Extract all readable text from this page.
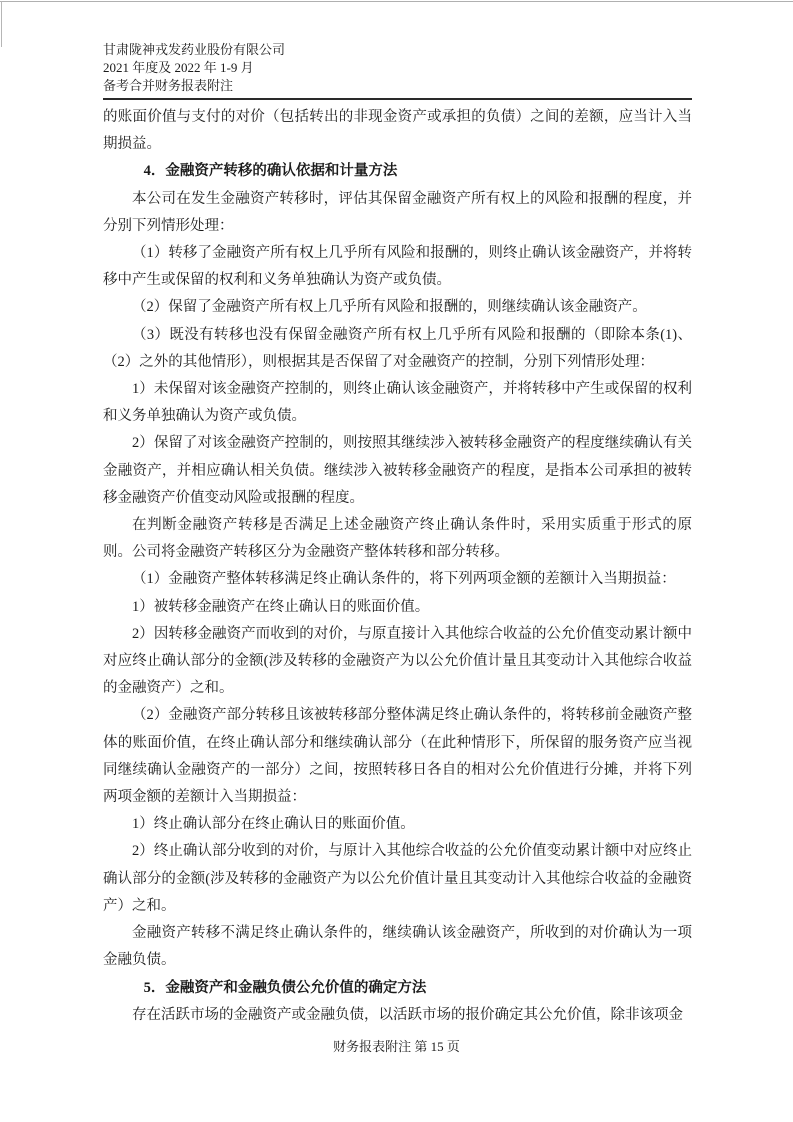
甘肃陇神戎发药业股份有限公司
2021 年度及 2022 年 1-9 月
备考合并财务报表附注

的账面价值与支付的对价（包括转出的非现金资产或承担的负债）之间的差额，应当计入当期损益。

4．金融资产转移的确认依据和计量方法

本公司在发生金融资产转移时，评估其保留金融资产所有权上的风险和报酬的程度，并分别下列情形处理：

（1）转移了金融资产所有权上几乎所有风险和报酬的，则终止确认该金融资产，并将转移中产生或保留的权利和义务单独确认为资产或负债。

（2）保留了金融资产所有权上几乎所有风险和报酬的，则继续确认该金融资产。

（3）既没有转移也没有保留金融资产所有权上几乎所有风险和报酬的（即除本条(1)、（2）之外的其他情形），则根据其是否保留了对金融资产的控制，分别下列情形处理：

1）未保留对该金融资产控制的，则终止确认该金融资产，并将转移中产生或保留的权利和义务单独确认为资产或负债。

2）保留了对该金融资产控制的，则按照其继续涉入被转移金融资产的程度继续确认有关金融资产，并相应确认相关负债。继续涉入被转移金融资产的程度，是指本公司承担的被转移金融资产价值变动风险或报酬的程度。

在判断金融资产转移是否满足上述金融资产终止确认条件时，采用实质重于形式的原则。公司将金融资产转移区分为金融资产整体转移和部分转移。

（1）金融资产整体转移满足终止确认条件的，将下列两项金额的差额计入当期损益：

1）被转移金融资产在终止确认日的账面价值。

2）因转移金融资产而收到的对价，与原直接计入其他综合收益的公允价值变动累计额中对应终止确认部分的金额(涉及转移的金融资产为以公允价值计量且其变动计入其他综合收益的金融资产）之和。

（2）金融资产部分转移且该被转移部分整体满足终止确认条件的，将转移前金融资产整体的账面价值，在终止确认部分和继续确认部分（在此种情形下，所保留的服务资产应当视同继续确认金融资产的一部分）之间，按照转移日各自的相对公允价值进行分摊，并将下列两项金额的差额计入当期损益：

1）终止确认部分在终止确认日的账面价值。

2）终止确认部分收到的对价，与原计入其他综合收益的公允价值变动累计额中对应终止确认部分的金额(涉及转移的金融资产为以公允价值计量且其变动计入其他综合收益的金融资产）之和。

金融资产转移不满足终止确认条件的，继续确认该金融资产，所收到的对价确认为一项金融负债。

5．金融资产和金融负债公允价值的确定方法

存在活跃市场的金融资产或金融负债，以活跃市场的报价确定其公允价值，除非该项金

财务报表附注 第 15 页
